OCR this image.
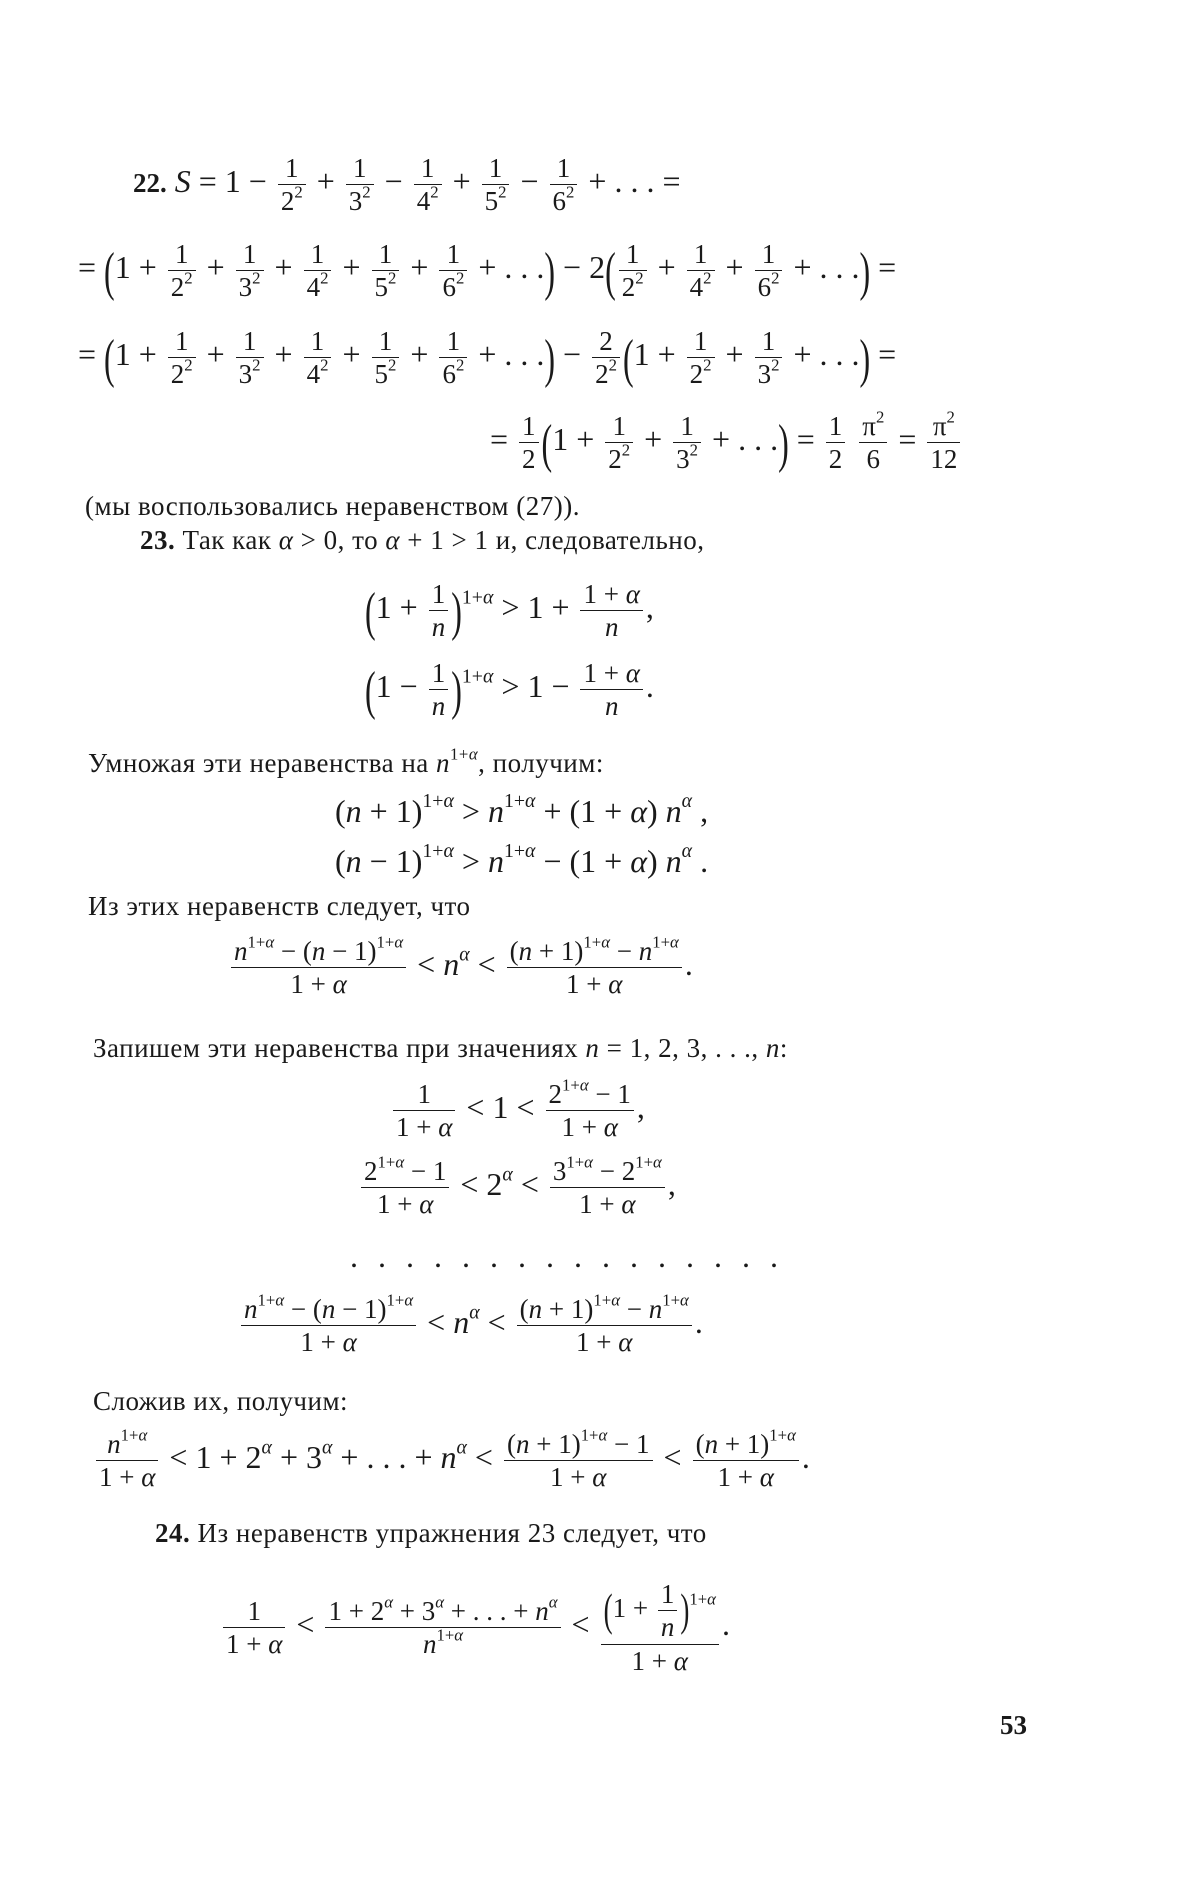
22. $S = 1 - \frac{1}{2^2} + \frac{1}{3^2} - \frac{1}{4^2} + \frac{1}{5^2} - \frac{1}{6^2}$ + . . . =
= ($1 + \frac{1}{2^2} + \frac{1}{3^2} + \frac{1}{4^2} + \frac{1}{5^2} + \frac{1}{6^2}$ + . . .) − $2( \frac{1}{2^2} + \frac{1}{4^2} + \frac{1}{6^2}$ + . . .) =
= ($1 + \frac{1}{2^2} + \frac{1}{3^2} + \frac{1}{4^2} + \frac{1}{5^2} + \frac{1}{6^2}$ + . . .) − $\frac{2}{2^2} (1 + \frac{1}{2^2} + \frac{1}{3^2}$ + . . .) =
= $\frac{1}{2} (1 + \frac{1}{2^2} + \frac{1}{3^2}$ + . . .) = $\frac{1}{2}$
$\frac{\pi^2}{6} = \frac{\pi^2}{12}$
(мы воспользовались неравенством (27)).
23. Так как α > 0, то α + 1 > 1 и, следовательно,
$(1 + \frac{1}{n} )^{1+\alpha} > 1 + \frac{1 + \alpha}{n}$ ,
$(1 - \frac{1}{n} )^{1+\alpha} > 1 - \frac{1 + \alpha}{n}$ .
Умножая эти неравенства на $n^{1+\alpha}$, получим:
$(n + 1)^{1+\alpha} > n^{1+\alpha} + (1 + \alpha)$ $n^\alpha$ ,
$(n - 1)^{1+\alpha} > n^{1+\alpha} - (1 + \alpha)$ $n^\alpha$ .
Из этих неравенств следует, что
$\frac{n^{1+\alpha} - (n - 1)^{1+\alpha}}{1 + \alpha} < n^\alpha < \frac{(n + 1)^{1+\alpha} - n^{1+\alpha}}{1 + \alpha}$ .
Запишем эти неравенства при значениях n = 1, 2, 3, . . ., n:
$\frac{1}{1 + \alpha} < 1 < \frac{2^{1+\alpha} - 1}{1 + \alpha}$ ,
$\frac{2^{1+\alpha} - 1}{1 + \alpha} < 2^\alpha < \frac{3^{1+\alpha} - 2^{1+\alpha}}{1 + \alpha}$ ,
. . . . . . . . . . . . . . . .
$\frac{n^{1+\alpha} - (n - 1)^{1+\alpha}}{1 + \alpha} < n^\alpha < \frac{(n + 1)^{1+\alpha} - n^{1+\alpha}}{1 + \alpha}$ .
Сложив их, получим:
$\frac{n^{1+\alpha}}{1 + \alpha} < 1 + 2^\alpha + 3^\alpha$ + . . . + $n^\alpha < \frac{(n + 1)^{1+\alpha} - 1}{1 + \alpha} < \frac{(n + 1)^{1+\alpha}}{1 + \alpha}$ .
24. Из неравенств упражнения 23 следует, что
$\frac{1}{1 + \alpha} < \frac{1 + 2^\alpha + 3^\alpha + . . . + n^\alpha}{n^{1+\alpha}} < \frac{(1 + \frac{1}{n} )^{1+\alpha}}{1 + \alpha}$ .
53
